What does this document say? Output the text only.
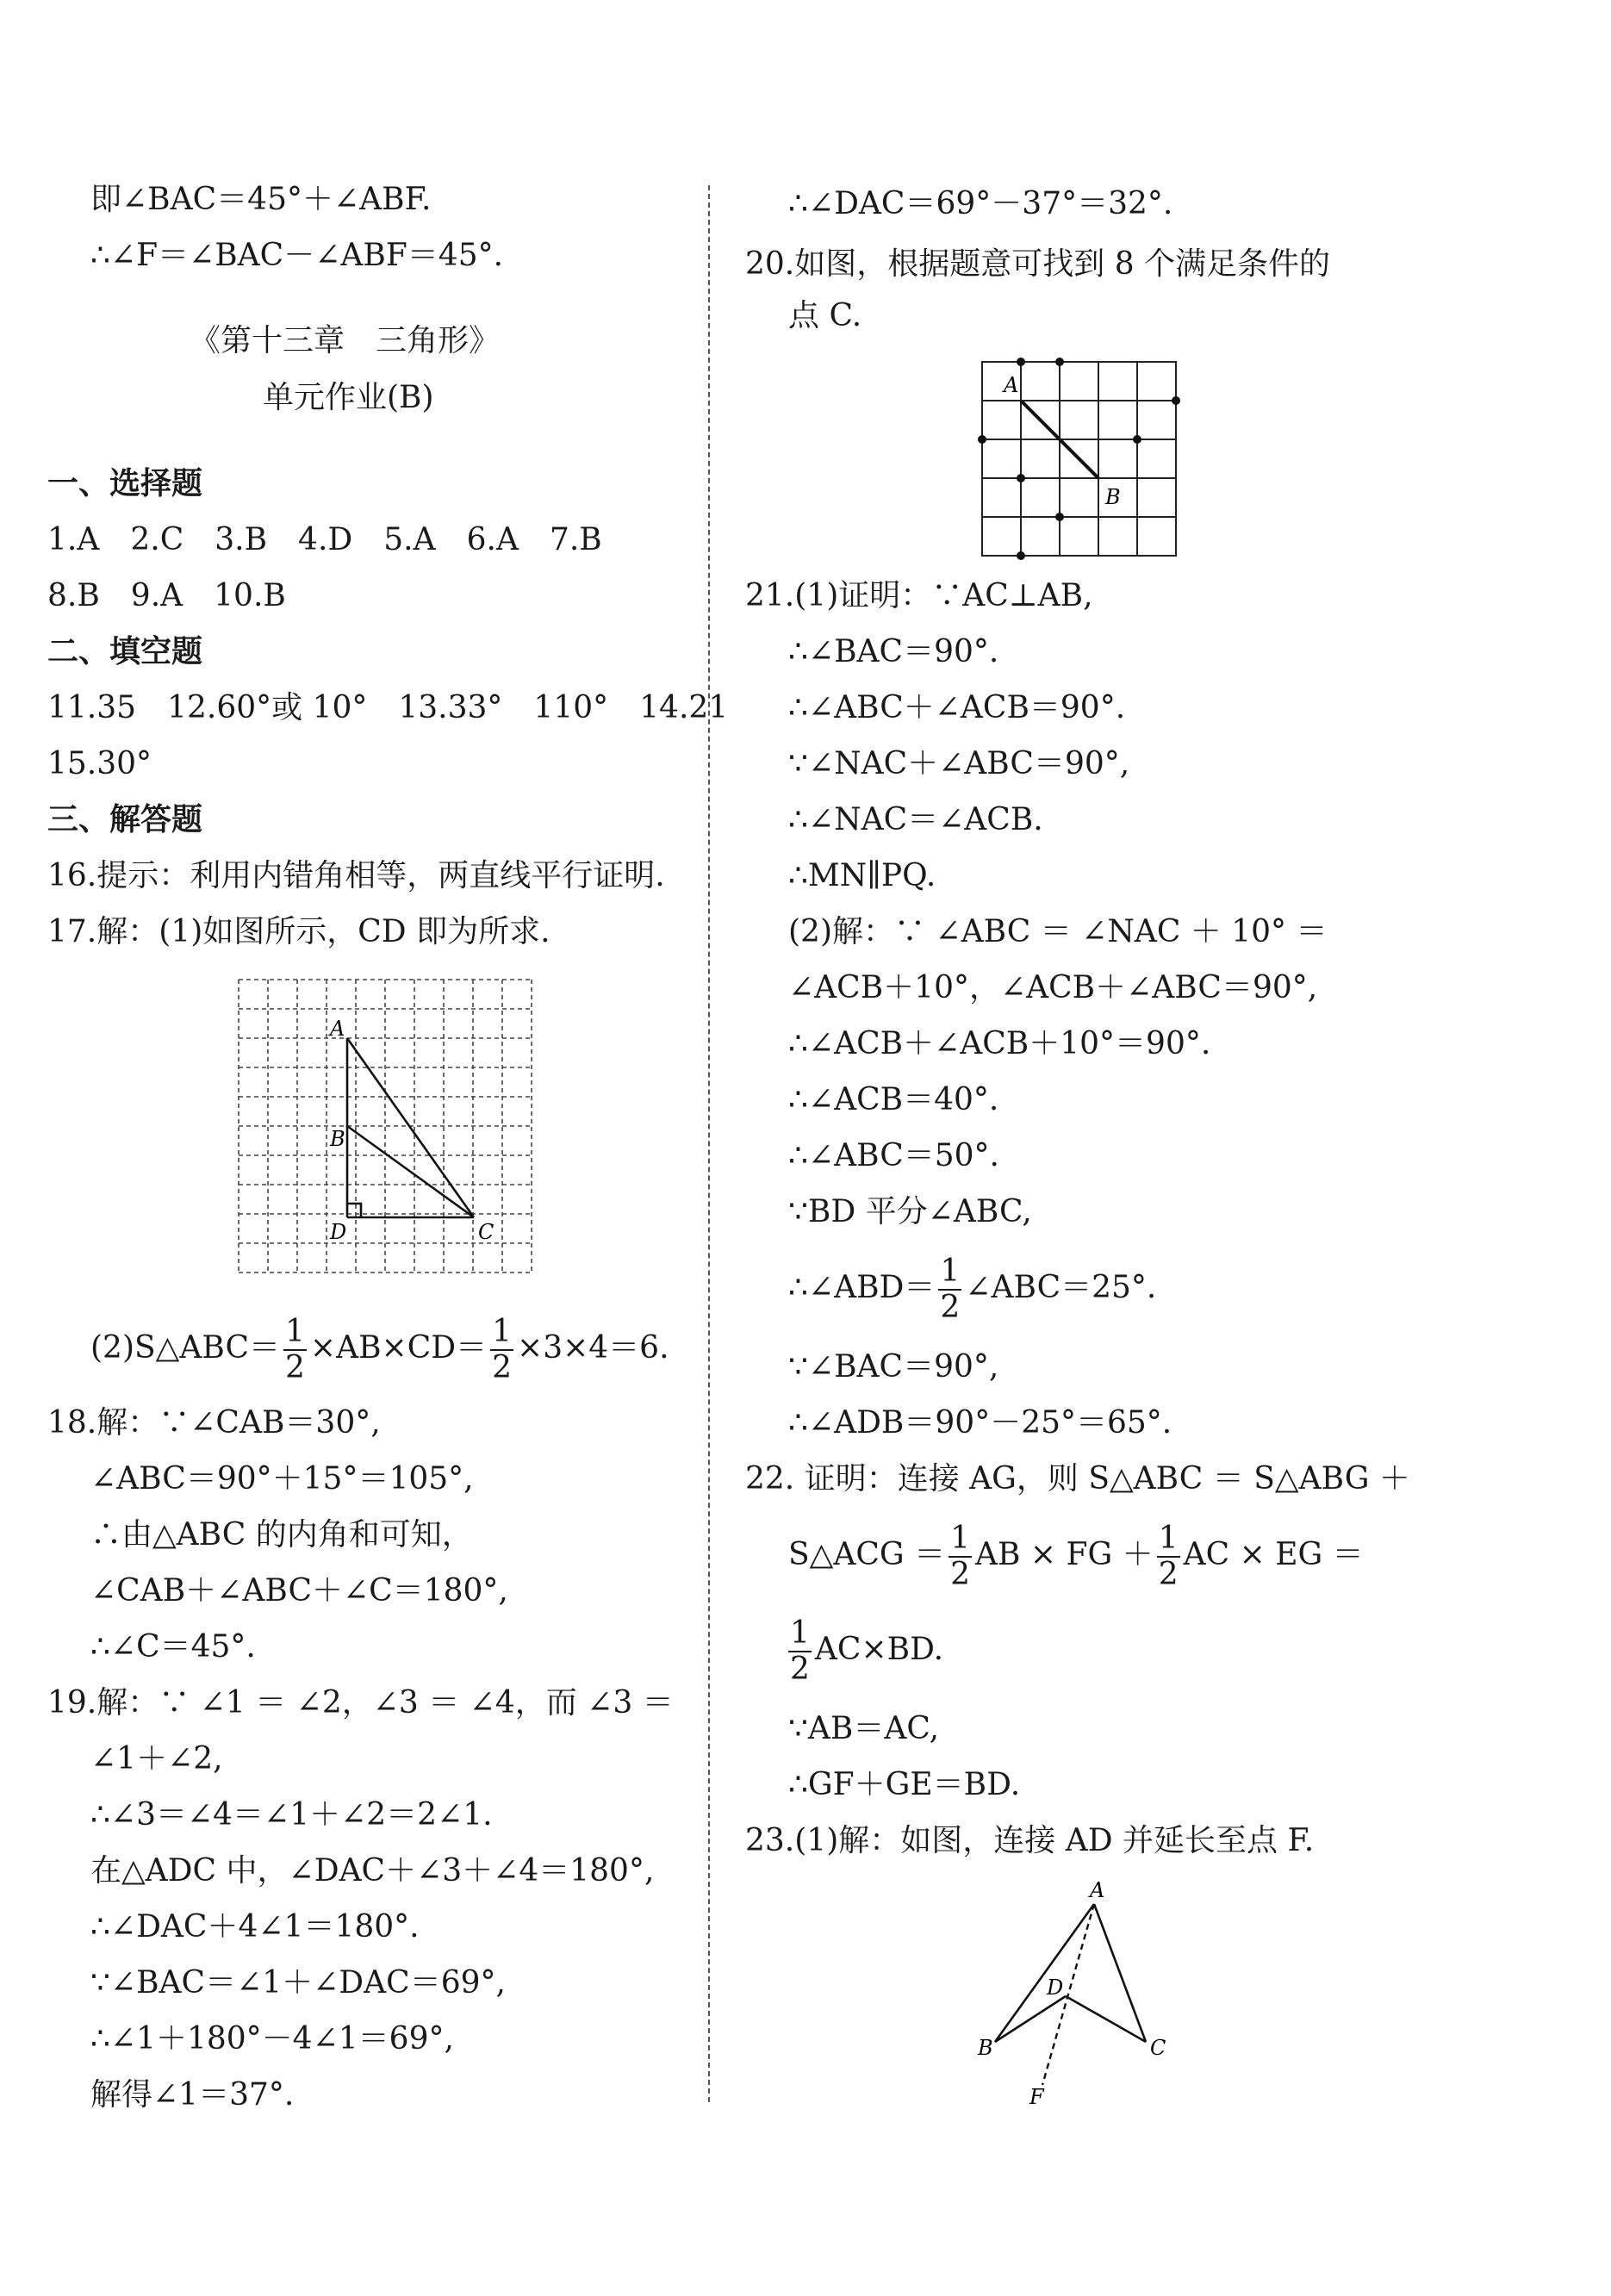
即∠BAC＝45°＋∠ABF.
∴∠F＝∠BAC－∠ABF＝45°.
《第十三章　三角形》
单元作业(B)
一、选择题
1.A　2.C　3.B　4.D　5.A　6.A　7.B
8.B　9.A　10.B
二、填空题
11.35　12.60°或 10°　13.33°　110°　14.21
15.30°
三、解答题
16.提示：利用内错角相等，两直线平行证明.
17.解：(1)如图所示，CD 即为所求.
A
B
D	C
(2)S△ABC＝ $\frac{1}{2} \times AB\times CD= \frac{1}{2} \times 3\times 4=6$.
18.解：∵∠CAB＝30°,
∠ABC＝90°＋15°＝105°,
∴由△ABC 的内角和可知，
∠CAB＋∠ABC＋∠C＝180°,
∴∠C＝45°.
19.解：∵ ∠1 ＝ ∠2，∠3 ＝ ∠4，而 ∠3 ＝
∠1＋∠2,
∴∠3＝∠4＝∠1＋∠2＝2∠1.
在△ADC 中，∠DAC＋∠3＋∠4＝180°,
∴∠DAC＋4∠1＝180°.
∵∠BAC＝∠1＋∠DAC＝69°,
∴∠1＋180°－4∠1＝69°,
解得∠1＝37°.
∴∠DAC＝69°－37°＝32°.
20.如图，根据题意可找到 8 个满足条件的
点 C.
A
B
21.(1)证明：∵AC⊥AB,
∴∠BAC＝90°.
∴∠ABC＋∠ACB＝90°.
∵∠NAC＋∠ABC＝90°,
∴∠NAC＝∠ACB.
∴MN∥PQ.
(2)解：∵ ∠ABC ＝ ∠NAC ＋ 10° ＝
∠ACB＋10°，∠ACB＋∠ABC＝90°,
∴∠ACB＋∠ACB＋10°＝90°.
∴∠ACB＝40°.
∴∠ABC＝50°.
∵BD 平分∠ABC,
∴∠ABD＝ $\frac{1}{2}$ ∠ABC＝25°.
∵∠BAC＝90°,
∴∠ADB＝90°－25°＝65°.
22. 证明：连接 AG，则 S△ABC ＝ S△ABG ＋
S△ACG ＝ $\frac{1}{2}$ AB × FG ＋ $\frac{1}{2}$ AC × EG ＝
$\frac{1}{2} AC\times BD$.
∵AB＝AC,
∴GF＋GE＝BD.
23.(1)解：如图，连接 AD 并延长至点 F.
A
D
B	C
F
